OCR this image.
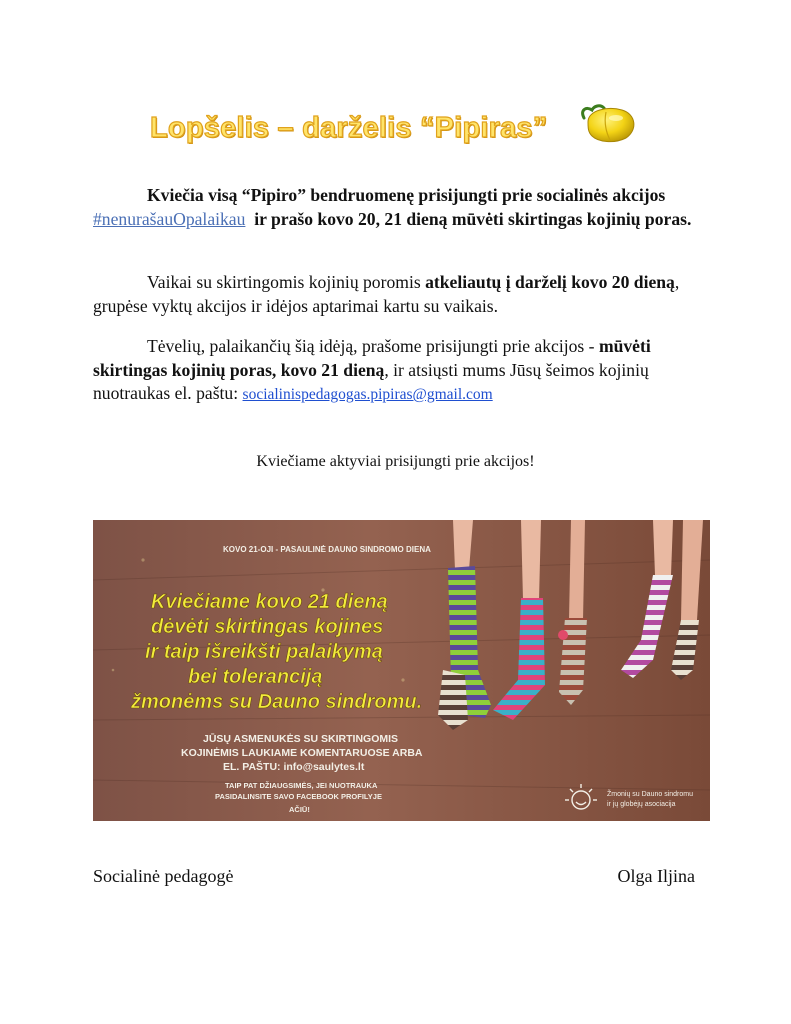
Lopšelis – darželis “Pipiras”
Kviečia visą “Pipiro” bendruomenę prisijungti prie socialinės akcijos #nenurašauOpalaikau ir prašo kovo 20, 21 dieną mūvėti skirtingas kojinių poras.
Vaikai su skirtingomis kojinių poromis atkeliautų į darželį kovo 20 dieną, grupėse vyktų akcijos ir idėjos aptarimai kartu su vaikais.
Tėvelių, palaikančių šią idėją, prašome prisijungti prie akcijos - mūvėti skirtingas kojinių poras, kovo 21 dieną, ir atsiųsti mums Jūsų šeimos kojinių nuotraukas el. paštu: socialinispedagogas.pipiras@gmail.com
Kviečiame aktyviai prisijungti prie akcijos!
KOVO 21-OJI - PASAULINĖ DAUNO SINDROMO DIENA
Kviečiame kovo 21 dieną
dėvėti skirtingas kojines
ir taip išreikšti palaikymą
bei toleranciją
žmonėms su Dauno sindromu.
JŪSŲ ASMENUKĖS SU SKIRTINGOMIS
KOJINĖMIS LAUKIAME KOMENTARUOSE ARBA
EL. PAŠTU: info@saulytes.lt
TAIP PAT DŽIAUGSIMĖS, JEI NUOTRAUKA
PASIDALINSITE SAVO FACEBOOK PROFILYJE
AČIŪ!
Žmonių su Dauno sindromu
ir jų globėjų asociacija
Socialinė pedagogė	Olga Iljina
